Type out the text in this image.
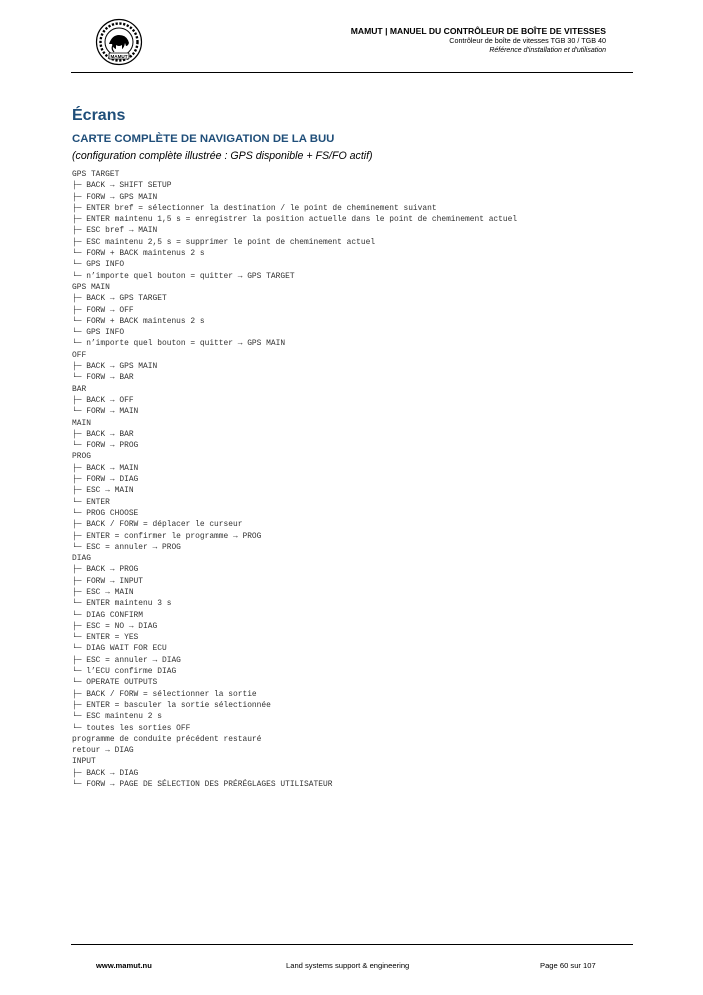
MAMUT
MAMUT | MANUEL DU CONTRÔLEUR DE BOÎTE DE VITESSES
Contrôleur de boîte de vitesses TGB 30 / TGB 40
Référence d'installation et d'utilisation
Écrans
CARTE COMPLÈTE DE NAVIGATION DE LA BUU
(configuration complète illustrée : GPS disponible + FS/FO actif)
GPS TARGET
├─ BACK → SHIFT SETUP
├─ FORW → GPS MAIN
├─ ENTER bref = sélectionner la destination / le point de cheminement suivant
├─ ENTER maintenu 1,5 s = enregistrer la position actuelle dans le point de cheminement actuel
├─ ESC bref → MAIN
├─ ESC maintenu 2,5 s = supprimer le point de cheminement actuel
└─ FORW + BACK maintenus 2 s
└─ GPS INFO
└─ n’importe quel bouton = quitter → GPS TARGET
GPS MAIN
├─ BACK → GPS TARGET
├─ FORW → OFF
└─ FORW + BACK maintenus 2 s
└─ GPS INFO
└─ n’importe quel bouton = quitter → GPS MAIN
OFF
├─ BACK → GPS MAIN
└─ FORW → BAR
BAR
├─ BACK → OFF
└─ FORW → MAIN
MAIN
├─ BACK → BAR
└─ FORW → PROG
PROG
├─ BACK → MAIN
├─ FORW → DIAG
├─ ESC → MAIN
└─ ENTER
└─ PROG CHOOSE
├─ BACK / FORW = déplacer le curseur
├─ ENTER = confirmer le programme → PROG
└─ ESC = annuler → PROG
DIAG
├─ BACK → PROG
├─ FORW → INPUT
├─ ESC → MAIN
└─ ENTER maintenu 3 s
└─ DIAG CONFIRM
├─ ESC = NO → DIAG
└─ ENTER = YES
└─ DIAG WAIT FOR ECU
├─ ESC = annuler → DIAG
└─ l’ECU confirme DIAG
└─ OPERATE OUTPUTS
├─ BACK / FORW = sélectionner la sortie
├─ ENTER = basculer la sortie sélectionnée
└─ ESC maintenu 2 s
└─ toutes les sorties OFF
programme de conduite précédent restauré
retour → DIAG
INPUT
├─ BACK → DIAG
└─ FORW → PAGE DE SÉLECTION DES PRÉRÉGLAGES UTILISATEUR
www.mamut.nu	Land systems support & engineering	Page 60 sur 107
